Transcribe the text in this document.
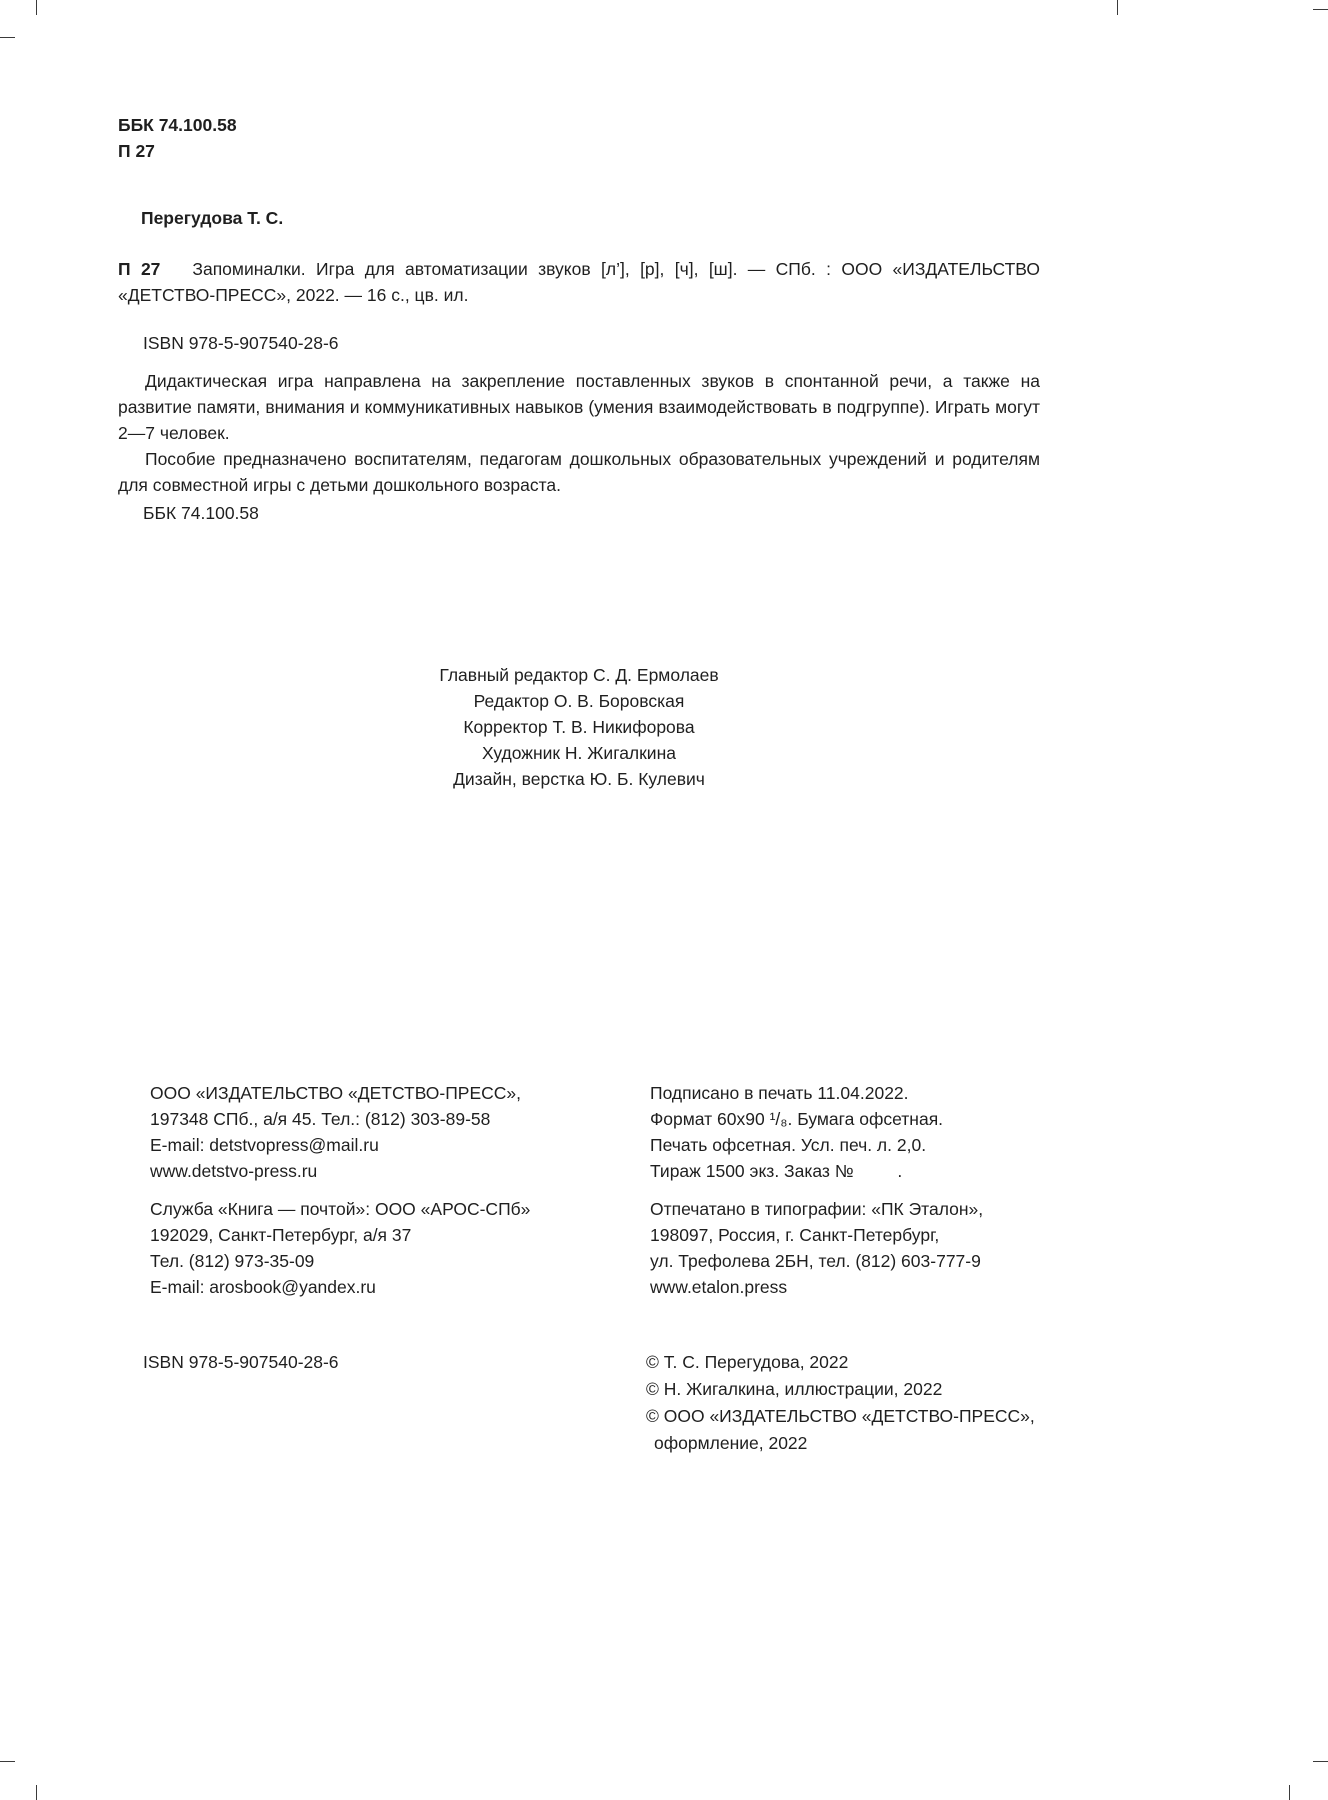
ББК 74.100.58
П 27
Перегудова Т. С.

П 27 Запоминалки. Игра для автоматизации звуков [л’], [р], [ч], [ш]. — СПб. : ООО «ИЗДАТЕЛЬСТВО «ДЕТСТВО-ПРЕСС», 2022. — 16 с., цв. ил.

ISBN 978-5-907540-28-6

Дидактическая игра направлена на закрепление поставленных звуков в спонтанной речи, а также на развитие памяти, внимания и коммуникативных навыков (умения взаимодействовать в подгруппе). Играть могут 2—7 человек.

Пособие предназначено воспитателям, педагогам дошкольных образовательных учреждений и родителям для совместной игры с детьми дошкольного возраста.

ББК 74.100.58
Главный редактор С. Д. Ермолаев
Редактор О. В. Боровская
Корректор Т. В. Никифорова
Художник Н. Жигалкина
Дизайн, верстка Ю. Б. Кулевич
ООО «ИЗДАТЕЛЬСТВО «ДЕТСТВО-ПРЕСС»,
197348 СПб., а/я 45. Тел.: (812) 303-89-58
E-mail: detstvopress@mail.ru
www.detstvo-press.ru
Служба «Книга — почтой»: ООО «АРОС-СПб»
192029, Санкт-Петербург, а/я 37
Тел. (812) 973-35-09
E-mail: arosbook@yandex.ru
Подписано в печать 11.04.2022.
Формат 60х90 ¹/₈. Бумага офсетная.
Печать офсетная. Усл. печ. л. 2,0.
Тираж 1500 экз. Заказ №         .
Отпечатано в типографии: «ПК Эталон»,
198097, Россия, г. Санкт-Петербург,
ул. Трефолева 2БН, тел. (812) 603-777-9
www.etalon.press
ISBN 978-5-907540-28-6	© Т. С. Перегудова, 2022
© Н. Жигалкина, иллюстрации, 2022
© ООО «ИЗДАТЕЛЬСТВО «ДЕТСТВО-ПРЕСС»,
оформление, 2022
